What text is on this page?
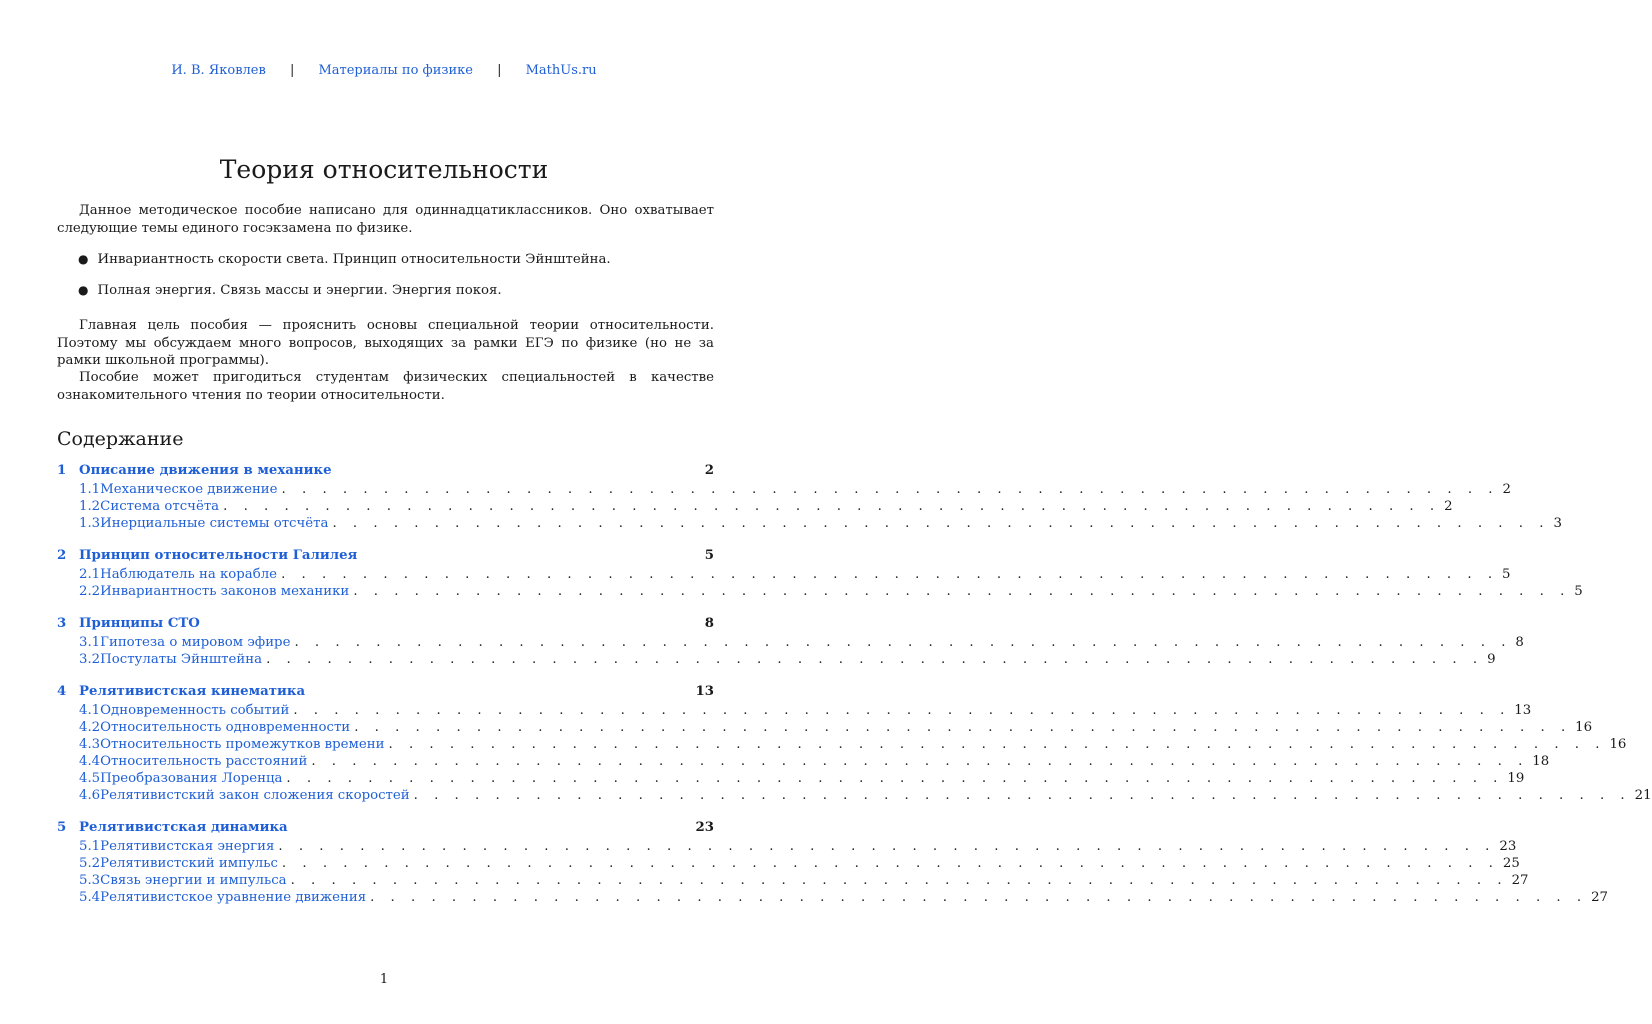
И. В. Яковлев | Материалы по физике | MathUs.ru
Теория относительности

Данное методическое пособие написано для одиннадцатиклассников. Оно охватывает следующие темы единого госэкзамена по физике.

● Инвариантность скорости света. Принцип относительности Эйнштейна.
● Полная энергия. Связь массы и энергии. Энергия покоя.

Главная цель пособия — прояснить основы специальной теории относительности. Поэтому мы обсуждаем много вопросов, выходящих за рамки ЕГЭ по физике (но не за рамки школьной программы).

Пособие может пригодиться студентам физических специальностей в качестве ознакомительного чтения по теории относительности.

Содержание
1 Описание движения в механике	2
1.1 Механическое движение . . . . . . . . . . . . . . . . . . . . . . . . . . . . . . . . . . . . . . . . . . . . . . . . . . . . . . . . . . . . 2
1.2 Система отсчёта . . . . . . . . . . . . . . . . . . . . . . . . . . . . . . . . . . . . . . . . . . . . . . . . . . . . . . . . . . . . 2
1.3 Инерциальные системы отсчёта . . . . . . . . . . . . . . . . . . . . . . . . . . . . . . . . . . . . . . . . . . . . . . . . . . . . . . . . . . . . 3
2 Принцип относительности Галилея	5
2.1 Наблюдатель на корабле . . . . . . . . . . . . . . . . . . . . . . . . . . . . . . . . . . . . . . . . . . . . . . . . . . . . . . . . . . . . 5
2.2 Инвариантность законов механики . . . . . . . . . . . . . . . . . . . . . . . . . . . . . . . . . . . . . . . . . . . . . . . . . . . . . . . . . . . . 5
3 Принципы СТО	8
3.1 Гипотеза о мировом эфире . . . . . . . . . . . . . . . . . . . . . . . . . . . . . . . . . . . . . . . . . . . . . . . . . . . . . . . . . . . . 8
3.2 Постулаты Эйнштейна . . . . . . . . . . . . . . . . . . . . . . . . . . . . . . . . . . . . . . . . . . . . . . . . . . . . . . . . . . . . 9
4 Релятивистская кинематика	13
4.1 Одновременность событий . . . . . . . . . . . . . . . . . . . . . . . . . . . . . . . . . . . . . . . . . . . . . . . . . . . . . . . . . . . . 13
4.2 Относительность одновременности . . . . . . . . . . . . . . . . . . . . . . . . . . . . . . . . . . . . . . . . . . . . . . . . . . . . . . . . . . . . 16
4.3 Относительность промежутков времени . . . . . . . . . . . . . . . . . . . . . . . . . . . . . . . . . . . . . . . . . . . . . . . . . . . . . . . . . . . . 16
4.4 Относительность расстояний . . . . . . . . . . . . . . . . . . . . . . . . . . . . . . . . . . . . . . . . . . . . . . . . . . . . . . . . . . . . 18
4.5 Преобразования Лоренца . . . . . . . . . . . . . . . . . . . . . . . . . . . . . . . . . . . . . . . . . . . . . . . . . . . . . . . . . . . . 19
4.6 Релятивистский закон сложения скоростей . . . . . . . . . . . . . . . . . . . . . . . . . . . . . . . . . . . . . . . . . . . . . . . . . . . . . . . . . . . . 21
5 Релятивистская динамика	23
5.1 Релятивистская энергия . . . . . . . . . . . . . . . . . . . . . . . . . . . . . . . . . . . . . . . . . . . . . . . . . . . . . . . . . . . . 23
5.2 Релятивистский импульс . . . . . . . . . . . . . . . . . . . . . . . . . . . . . . . . . . . . . . . . . . . . . . . . . . . . . . . . . . . . 25
5.3 Связь энергии и импульса . . . . . . . . . . . . . . . . . . . . . . . . . . . . . . . . . . . . . . . . . . . . . . . . . . . . . . . . . . . . 27
5.4 Релятивистское уравнение движения . . . . . . . . . . . . . . . . . . . . . . . . . . . . . . . . . . . . . . . . . . . . . . . . . . . . . . . . . . . . 27
1
